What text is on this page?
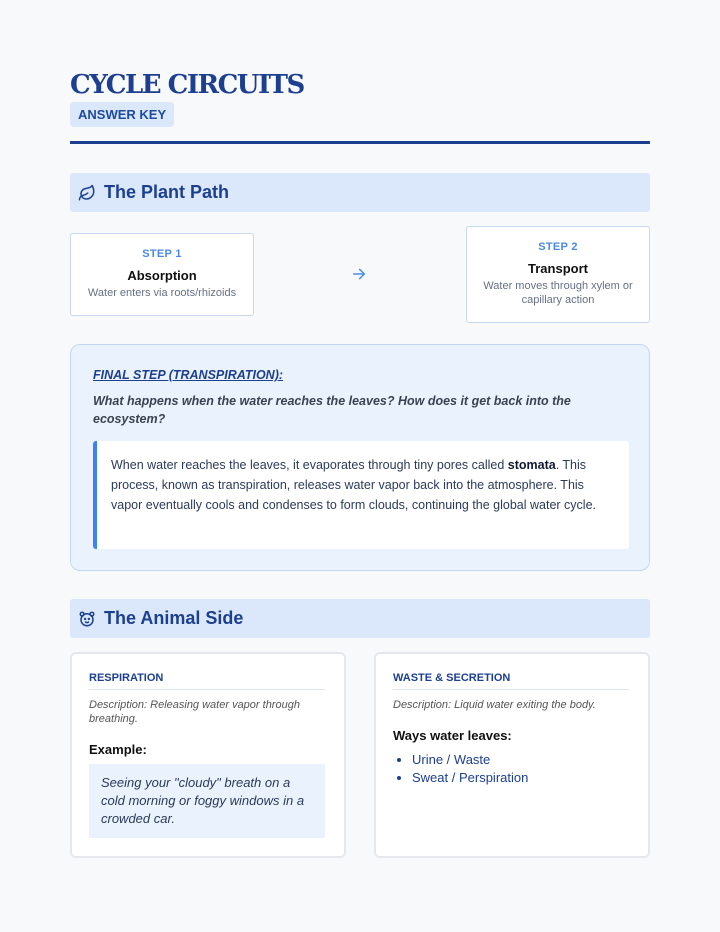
CYCLE CIRCUITS
ANSWER KEY
The Plant Path
STEP 1
Absorption
Water enters via roots/rhizoids
STEP 2
Transport
Water moves through xylem or capillary action
FINAL STEP (TRANSPIRATION):
What happens when the water reaches the leaves? How does it get back into the ecosystem?
When water reaches the leaves, it evaporates through tiny pores called stomata. This process, known as transpiration, releases water vapor back into the atmosphere. This vapor eventually cools and condenses to form clouds, continuing the global water cycle.
The Animal Side
RESPIRATION
Description: Releasing water vapor through breathing.
Example:
Seeing your "cloudy" breath on a cold morning or foggy windows in a crowded car.
WASTE & SECRETION
Description: Liquid water exiting the body.
Ways water leaves:
• Urine / Waste
• Sweat / Perspiration
